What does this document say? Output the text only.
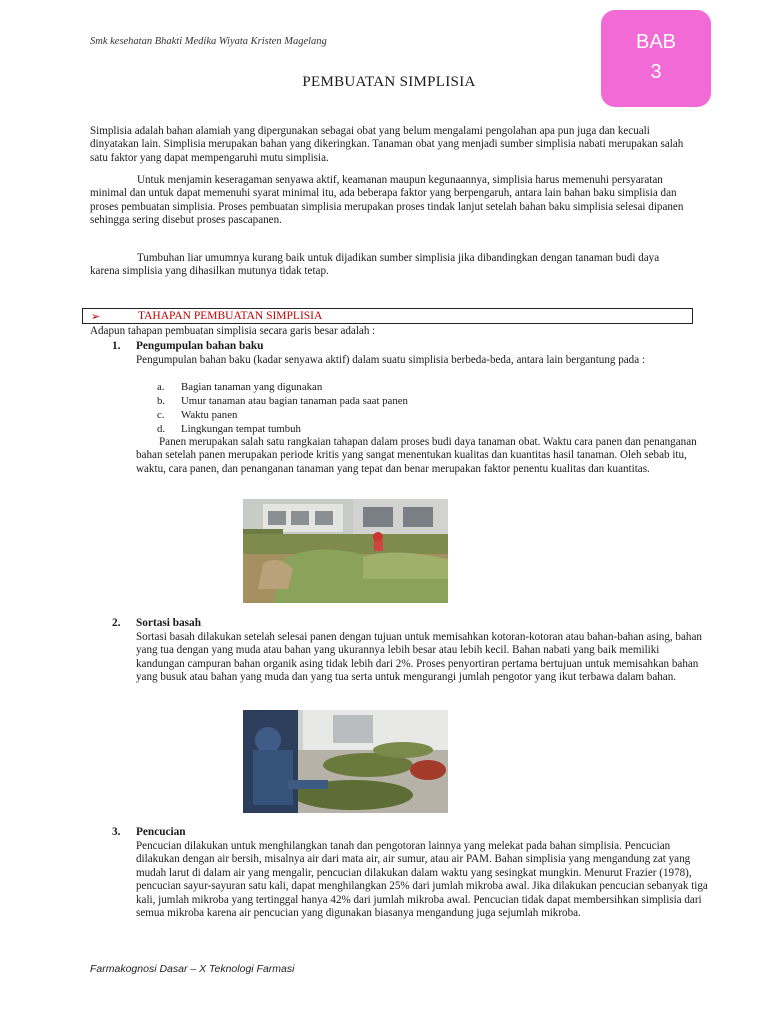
Smk kesehatan Bhakti Medika Wiyata Kristen Magelang	BAB
3
PEMBUATAN SIMPLISIA
Simplisia adalah bahan alamiah yang dipergunakan sebagai obat yang belum mengalami pengolahan apa pun juga dan kecuali dinyatakan lain. Simplisia merupakan bahan yang dikeringkan. Tanaman obat yang menjadi sumber simplisia nabati merupakan salah satu faktor yang dapat mempengaruhi mutu simplisia.
Untuk menjamin keseragaman senyawa aktif, keamanan maupun kegunaannya, simplisia harus memenuhi persyaratan minimal dan untuk dapat memenuhi syarat minimal itu, ada beberapa faktor yang berpengaruh, antara lain bahan baku simplisia dan proses pembuatan simplisia. Proses pembuatan simplisia merupakan proses tindak lanjut setelah bahan baku simplisia selesai dipanen sehingga sering disebut proses pascapanen.
Tumbuhan liar umumnya kurang baik untuk dijadikan sumber simplisia jika dibandingkan dengan tanaman budi daya karena simplisia yang dihasilkan mutunya tidak tetap.
➢	TAHAPAN PEMBUATAN SIMPLISIA
Adapun tahapan pembuatan simplisia secara garis besar adalah :
1. Pengumpulan bahan baku
Pengumpulan bahan baku (kadar senyawa aktif) dalam suatu simplisia berbeda-beda, antara lain bergantung pada :
a. Bagian tanaman yang digunakan
b. Umur tanaman atau bagian tanaman pada saat panen
c. Waktu panen
d. Lingkungan tempat tumbuh
Panen merupakan salah satu rangkaian tahapan dalam proses budi daya tanaman obat. Waktu cara panen dan penanganan bahan setelah panen merupakan periode kritis yang sangat menentukan kualitas dan kuantitas hasil tanaman. Oleh sebab itu, waktu, cara panen, dan penanganan tanaman yang tepat dan benar merupakan faktor penentu kualitas dan kuantitas.
2. Sortasi basah
Sortasi basah dilakukan setelah selesai panen dengan tujuan untuk memisahkan kotoran-kotoran atau bahan-bahan asing, bahan yang tua dengan yang muda atau bahan yang ukurannya lebih besar atau lebih kecil. Bahan nabati yang baik memiliki kandungan campuran bahan organik asing tidak lebih dari 2%. Proses penyortiran pertama bertujuan untuk memisahkan bahan yang busuk atau bahan yang muda dan yang tua serta untuk mengurangi jumlah pengotor yang ikut terbawa dalam bahan.
3. Pencucian
Pencucian dilakukan untuk menghilangkan tanah dan pengotoran lainnya yang melekat pada bahan simplisia. Pencucian dilakukan dengan air bersih, misalnya air dari mata air, air sumur, atau air PAM. Bahan simplisia yang mengandung zat yang mudah larut di dalam air yang mengalir, pencucian dilakukan dalam waktu yang sesingkat mungkin. Menurut Frazier (1978), pencucian sayur-sayuran satu kali, dapat menghilangkan 25% dari jumlah mikroba awal. Jika dilakukan pencucian sebanyak tiga kali, jumlah mikroba yang tertinggal hanya 42% dari jumlah mikroba awal. Pencucian tidak dapat membersihkan simplisia dari semua mikroba karena air pencucian yang digunakan biasanya mengandung juga sejumlah mikroba.
Farmakognosi Dasar – X Teknologi Farmasi
